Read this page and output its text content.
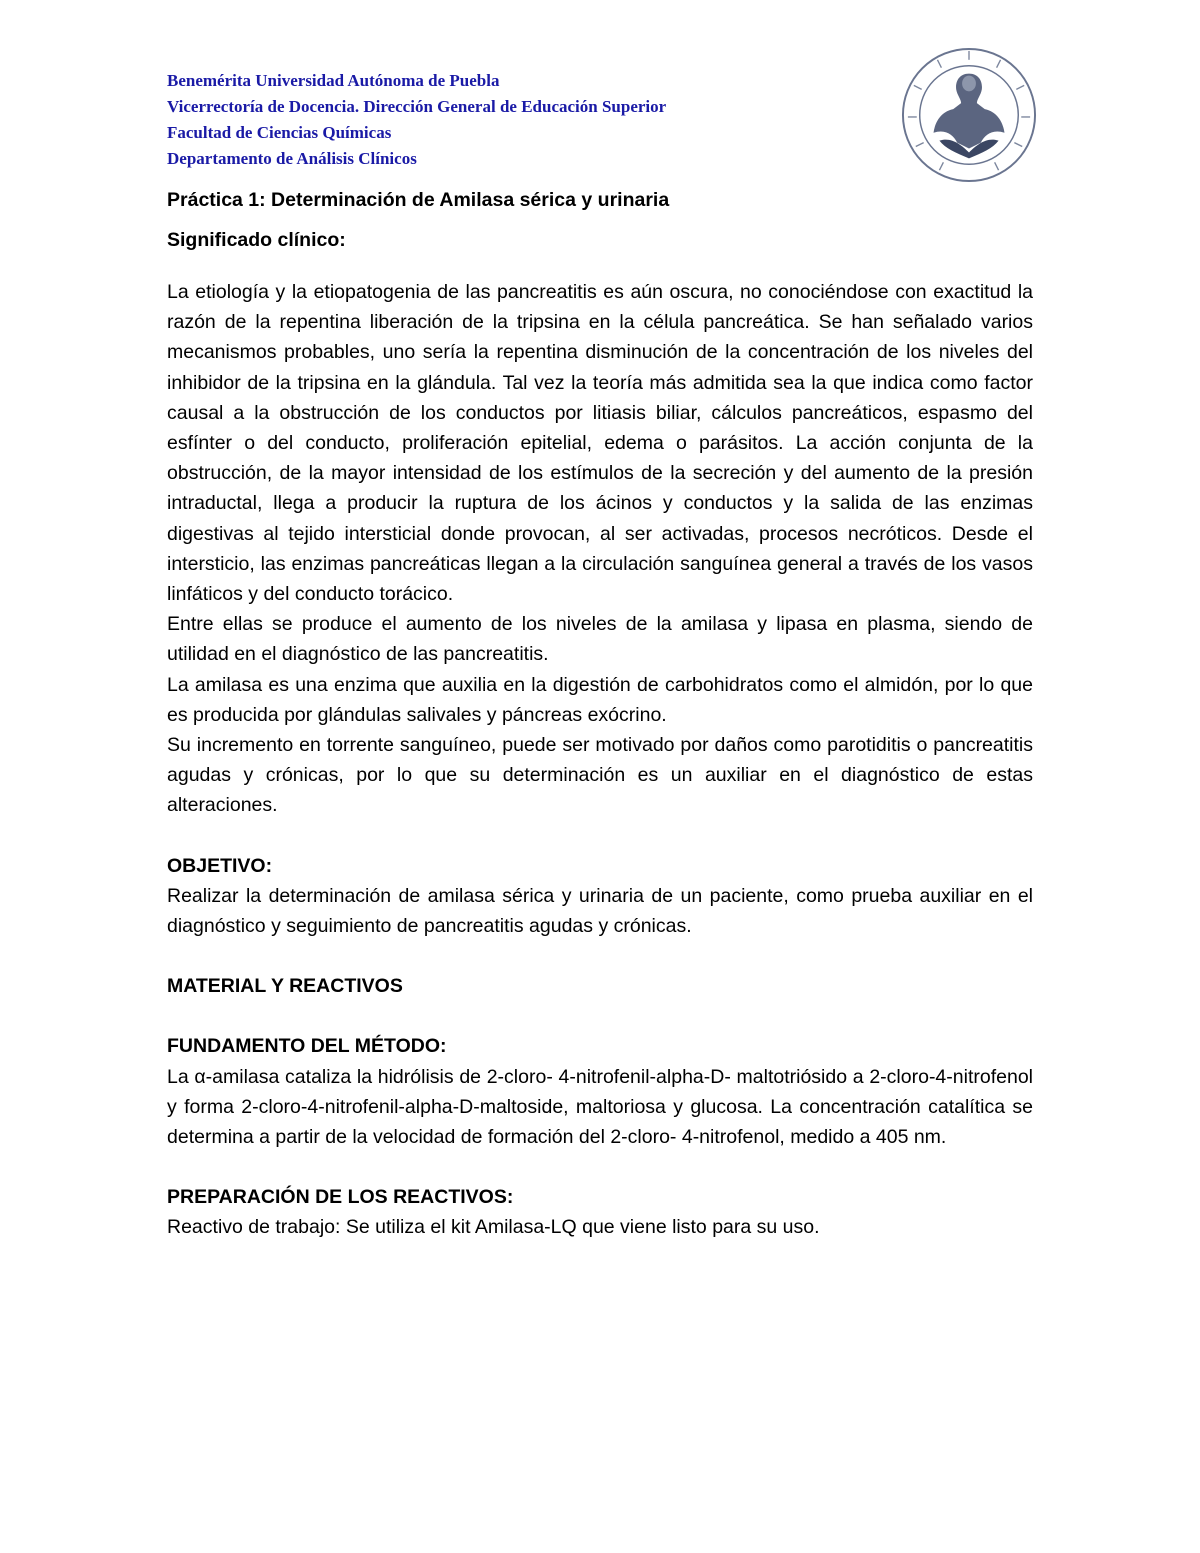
Benemérita Universidad Autónoma de Puebla
Vicerrectoría de Docencia. Dirección General de Educación Superior
Facultad de Ciencias Químicas
Departamento de Análisis Clínicos

Práctica 1: Determinación de Amilasa sérica y urinaria

Significado clínico:

La etiología y la etiopatogenia de las pancreatitis es aún oscura, no conociéndose con exactitud la razón de la repentina liberación de la tripsina en la célula pancreática. Se han señalado varios mecanismos probables, uno sería la repentina disminución de la concentración de los niveles del inhibidor de la tripsina en la glándula. Tal vez la teoría más admitida sea la que indica como factor causal a la obstrucción de los conductos por litiasis biliar, cálculos pancreáticos, espasmo del esfínter o del conducto, proliferación epitelial, edema o parásitos. La acción conjunta de la obstrucción, de la mayor intensidad de los estímulos de la secreción y del aumento de la presión intraductal, llega a producir la ruptura de los ácinos y conductos y la salida de las enzimas digestivas al tejido intersticial donde provocan, al ser activadas, procesos necróticos. Desde el intersticio, las enzimas pancreáticas llegan a la circulación sanguínea general a través de los vasos linfáticos y del conducto torácico.

Entre ellas se produce el aumento de los niveles de la amilasa y lipasa en plasma, siendo de utilidad en el diagnóstico de las pancreatitis.

La amilasa es una enzima que auxilia en la digestión de carbohidratos como el almidón, por lo que es producida por glándulas salivales y páncreas exócrino.

Su incremento en torrente sanguíneo, puede ser motivado por daños como parotiditis o pancreatitis agudas y crónicas, por lo que su determinación es un auxiliar en el diagnóstico de estas alteraciones.

OBJETIVO:

Realizar la determinación de amilasa sérica y urinaria de un paciente, como prueba auxiliar en el diagnóstico y seguimiento de pancreatitis agudas y crónicas.

MATERIAL Y REACTIVOS

FUNDAMENTO DEL MÉTODO:

La α-amilasa cataliza la hidrólisis de 2-cloro- 4-nitrofenil-alpha-D- maltotriósido a 2-cloro-4-nitrofenol y forma 2-cloro-4-nitrofenil-alpha-D-maltoside, maltoriosa y glucosa. La concentración catalítica se determina a partir de la velocidad de formación del 2-cloro- 4-nitrofenol, medido a 405 nm.

PREPARACIÓN DE LOS REACTIVOS:

Reactivo de trabajo: Se utiliza el kit Amilasa-LQ que viene listo para su uso.
